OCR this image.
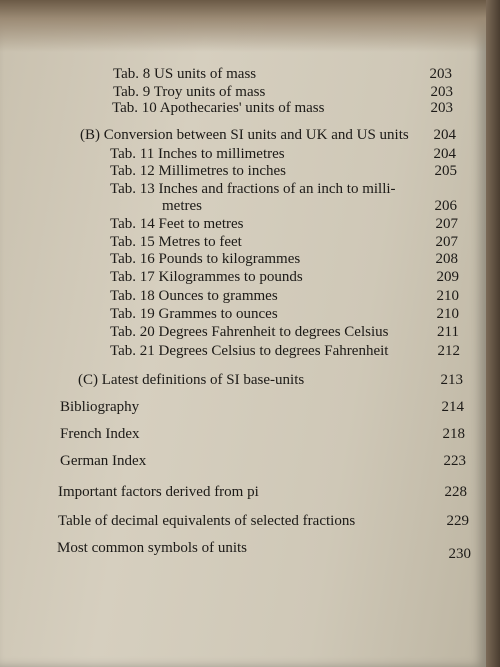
Tab. 8 US units of mass	203
Tab. 9 Troy units of mass	203
Tab. 10 Apothecaries' units of mass	203
(B) Conversion between SI units and UK and US units	204
Tab. 11 Inches to millimetres	204
Tab. 12 Millimetres to inches	205
Tab. 13 Inches and fractions of an inch to milli-
metres	206
Tab. 14 Feet to metres	207
Tab. 15 Metres to feet	207
Tab. 16 Pounds to kilogrammes	208
Tab. 17 Kilogrammes to pounds	209
Tab. 18 Ounces to grammes	210
Tab. 19 Grammes to ounces	210
Tab. 20 Degrees Fahrenheit to degrees Celsius	211
Tab. 21 Degrees Celsius to degrees Fahrenheit	212
(C) Latest definitions of SI base-units	213
Bibliography	214
French Index	218
German Index	223
Important factors derived from pi	228
Table of decimal equivalents of selected fractions	229
Most common symbols of units	230
